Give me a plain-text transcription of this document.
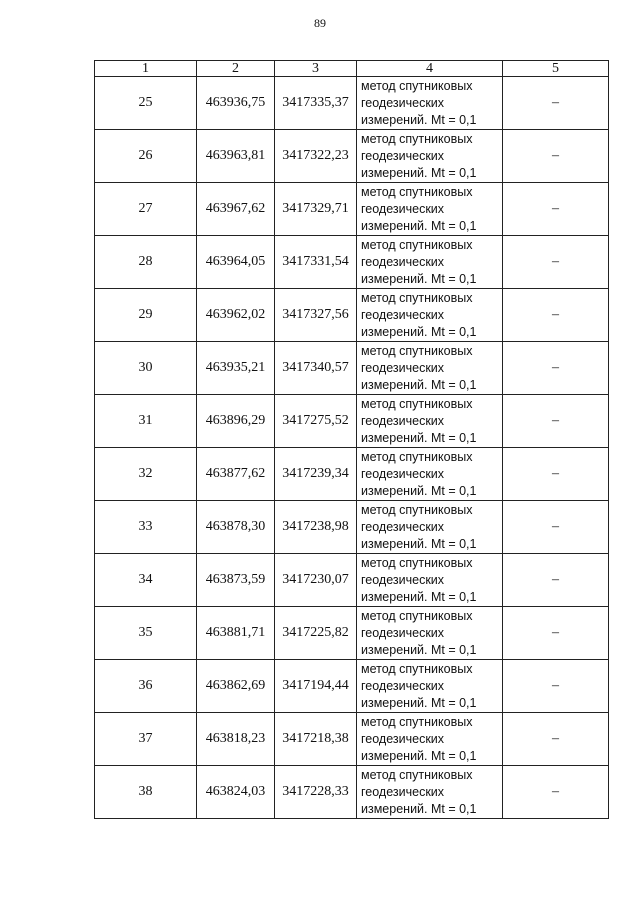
89
1	2	3	4	5
25	463936,75	3417335,37	метод спутниковых
геодезических
измерений. Mt = 0,1	–
26	463963,81	3417322,23	метод спутниковых
геодезических
измерений. Mt = 0,1	–
27	463967,62	3417329,71	метод спутниковых
геодезических
измерений. Mt = 0,1	–
28	463964,05	3417331,54	метод спутниковых
геодезических
измерений. Mt = 0,1	–
29	463962,02	3417327,56	метод спутниковых
геодезических
измерений. Mt = 0,1	–
30	463935,21	3417340,57	метод спутниковых
геодезических
измерений. Mt = 0,1	–
31	463896,29	3417275,52	метод спутниковых
геодезических
измерений. Mt = 0,1	–
32	463877,62	3417239,34	метод спутниковых
геодезических
измерений. Mt = 0,1	–
33	463878,30	3417238,98	метод спутниковых
геодезических
измерений. Mt = 0,1	–
34	463873,59	3417230,07	метод спутниковых
геодезических
измерений. Mt = 0,1	–
35	463881,71	3417225,82	метод спутниковых
геодезических
измерений. Mt = 0,1	–
36	463862,69	3417194,44	метод спутниковых
геодезических
измерений. Mt = 0,1	–
37	463818,23	3417218,38	метод спутниковых
геодезических
измерений. Mt = 0,1	–
38	463824,03	3417228,33	метод спутниковых
геодезических
измерений. Mt = 0,1	–
